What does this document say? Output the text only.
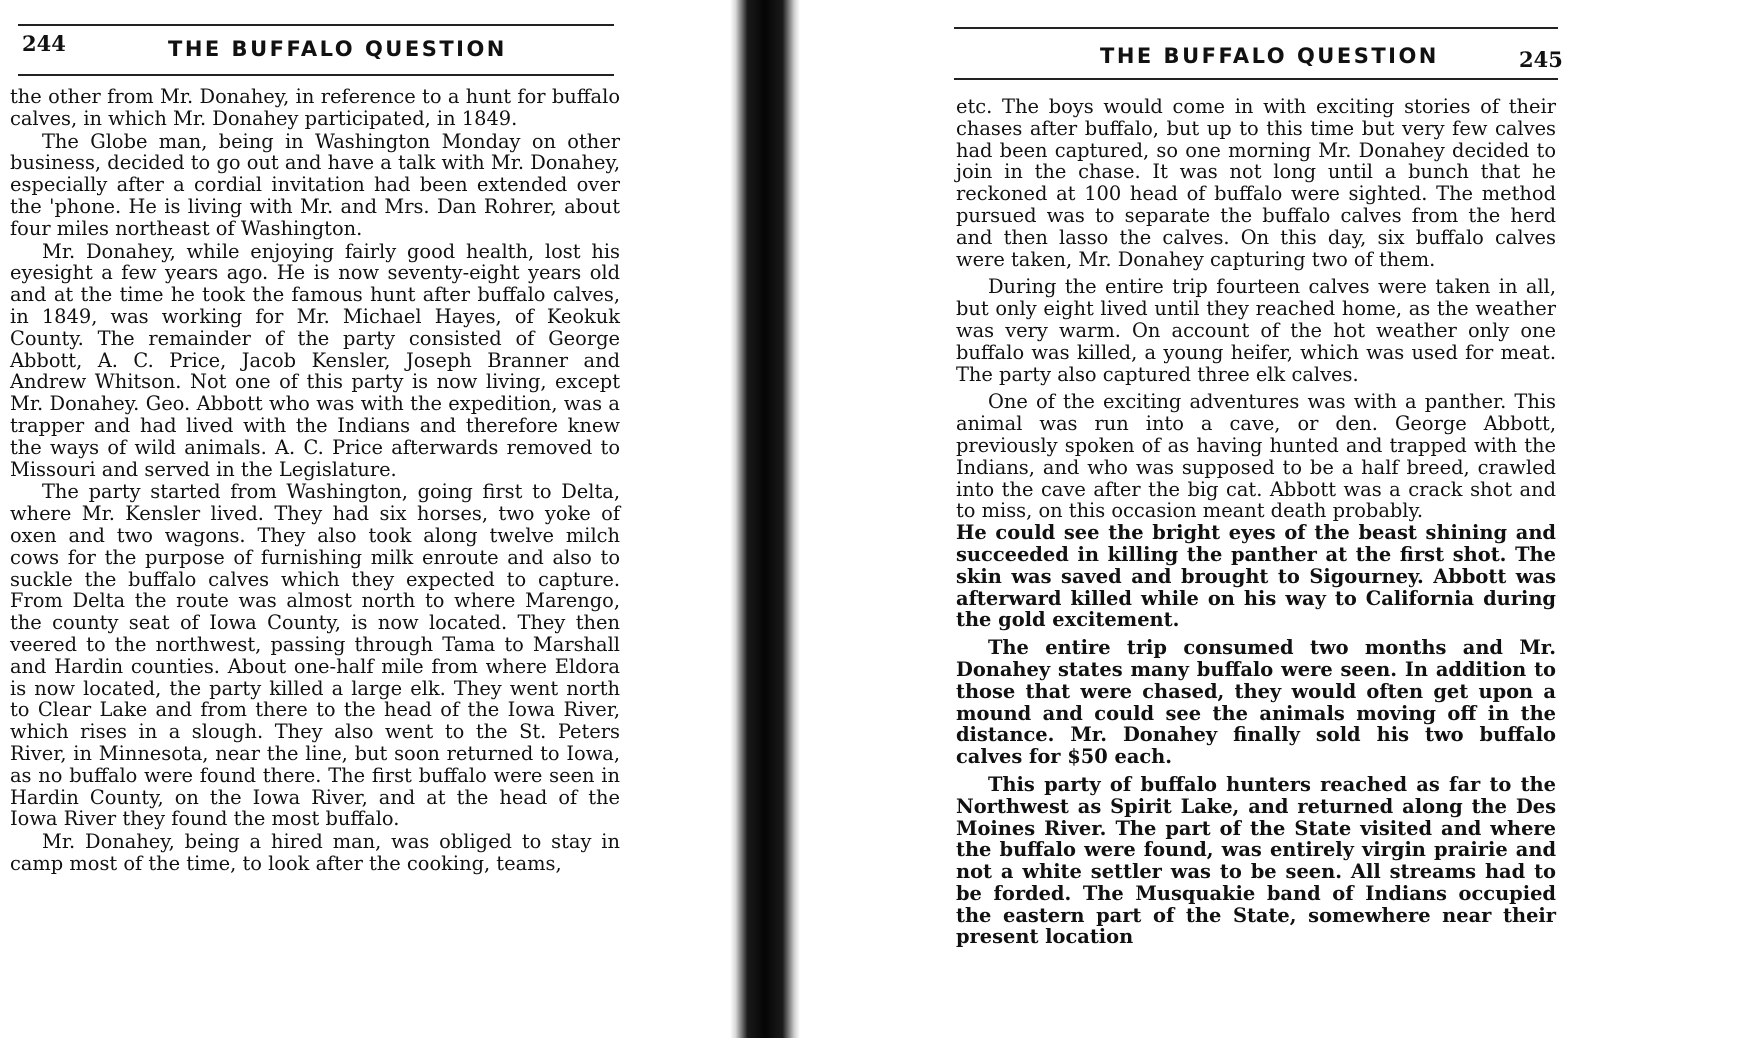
244	THE BUFFALO QUESTION

the other from Mr. Donahey, in reference to a hunt for buffalo calves, in which Mr. Donahey participated, in 1849.

The Globe man, being in Washington Monday on other business, decided to go out and have a talk with Mr. Donahey, especially after a cordial invitation had been extended over the 'phone. He is living with Mr. and Mrs. Dan Rohrer, about four miles northeast of Washington.

Mr. Donahey, while enjoying fairly good health, lost his eyesight a few years ago. He is now seventy-eight years old and at the time he took the famous hunt after buffalo calves, in 1849, was working for Mr. Michael Hayes, of Keokuk County. The remainder of the party consisted of George Abbott, A. C. Price, Jacob Kensler, Joseph Branner and Andrew Whitson. Not one of this party is now living, except Mr. Donahey. Geo. Abbott who was with the expedition, was a trapper and had lived with the Indians and therefore knew the ways of wild animals. A. C. Price afterwards removed to Missouri and served in the Legislature.

The party started from Washington, going first to Delta, where Mr. Kensler lived. They had six horses, two yoke of oxen and two wagons. They also took along twelve milch cows for the purpose of furnishing milk enroute and also to suckle the buffalo calves which they expected to capture. From Delta the route was almost north to where Marengo, the county seat of Iowa County, is now located. They then veered to the northwest, passing through Tama to Marshall and Hardin counties. About one-half mile from where Eldora is now located, the party killed a large elk. They went north to Clear Lake and from there to the head of the Iowa River, which rises in a slough. They also went to the St. Peters River, in Minnesota, near the line, but soon returned to Iowa, as no buffalo were found there. The first buffalo were seen in Hardin County, on the Iowa River, and at the head of the Iowa River they found the most buffalo.

Mr. Donahey, being a hired man, was obliged to stay in camp most of the time, to look after the cooking, teams,

THE BUFFALO QUESTION	245

etc. The boys would come in with exciting stories of their chases after buffalo, but up to this time but very few calves had been captured, so one morning Mr. Donahey decided to join in the chase. It was not long until a bunch that he reckoned at 100 head of buffalo were sighted. The method pursued was to separate the buffalo calves from the herd and then lasso the calves. On this day, six buffalo calves were taken, Mr. Donahey capturing two of them.

During the entire trip fourteen calves were taken in all, but only eight lived until they reached home, as the weather was very warm. On account of the hot weather only one buffalo was killed, a young heifer, which was used for meat. The party also captured three elk calves.

One of the exciting adventures was with a panther. This animal was run into a cave, or den. George Abbott, previously spoken of as having hunted and trapped with the Indians, and who was supposed to be a half breed, crawled into the cave after the big cat. Abbott was a crack shot and to miss, on this occasion meant death probably.

He could see the bright eyes of the beast shining and succeeded in killing the panther at the first shot. The skin was saved and brought to Sigourney. Abbott was afterward killed while on his way to California during the gold excitement.

The entire trip consumed two months and Mr. Donahey states many buffalo were seen. In addition to those that were chased, they would often get upon a mound and could see the animals moving off in the distance. Mr. Donahey finally sold his two buffalo calves for $50 each.

This party of buffalo hunters reached as far to the Northwest as Spirit Lake, and returned along the Des Moines River. The part of the State visited and where the buffalo were found, was entirely virgin prairie and not a white settler was to be seen. All streams had to be forded. The Musquakie band of Indians occupied the eastern part of the State, somewhere near their present location
